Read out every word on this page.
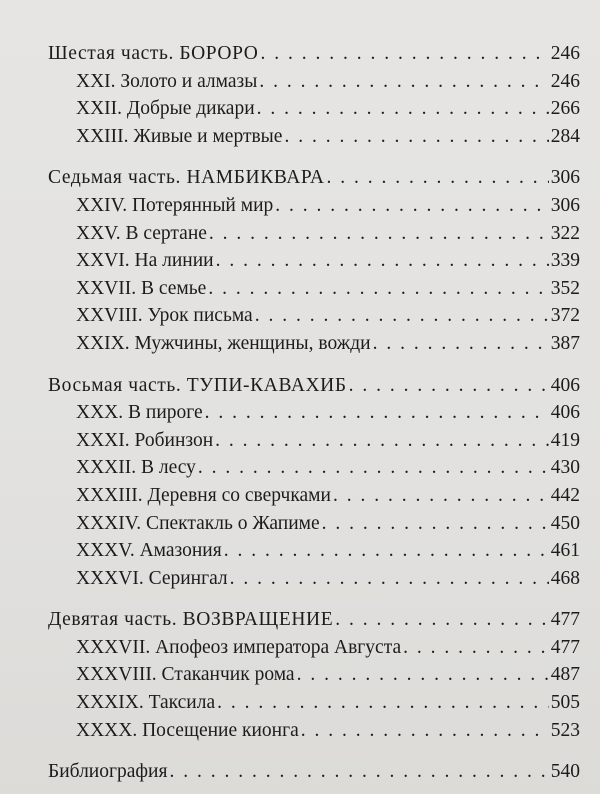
Шестая часть. БОРОРО . . .	246
XXI. Золото и алмазы . . .	246
XXII. Добрые дикари . . .	266
XXIII. Живые и мертвые . . .	284
Седьмая часть. НАМБИКВАРА . . .	306
XXIV. Потерянный мир . . .	306
XXV. В сертане . . .	322
XXVI. На линии . . .	339
XXVII. В семье . . .	352
XXVIII. Урок письма . . .	372
XXIX. Мужчины, женщины, вожди . . .	387
Восьмая часть. ТУПИ-КАВАХИБ . . .	406
XXX. В пироге . . .	406
XXXI. Робинзон . . .	419
XXXII. В лесу . . .	430
XXXIII. Деревня со сверчками . . .	442
XXXIV. Спектакль о Жапиме . . .	450
XXXV. Амазония . . .	461
XXXVI. Серингал . . .	468
Девятая часть. ВОЗВРАЩЕНИЕ . . .	477
XXXVII. Апофеоз императора Августа . . .	477
XXXVIII. Стаканчик рома . . .	487
XXXIX. Таксила . . .	505
XXXX. Посещение кионга . . .	523
Библиография . . .	540
